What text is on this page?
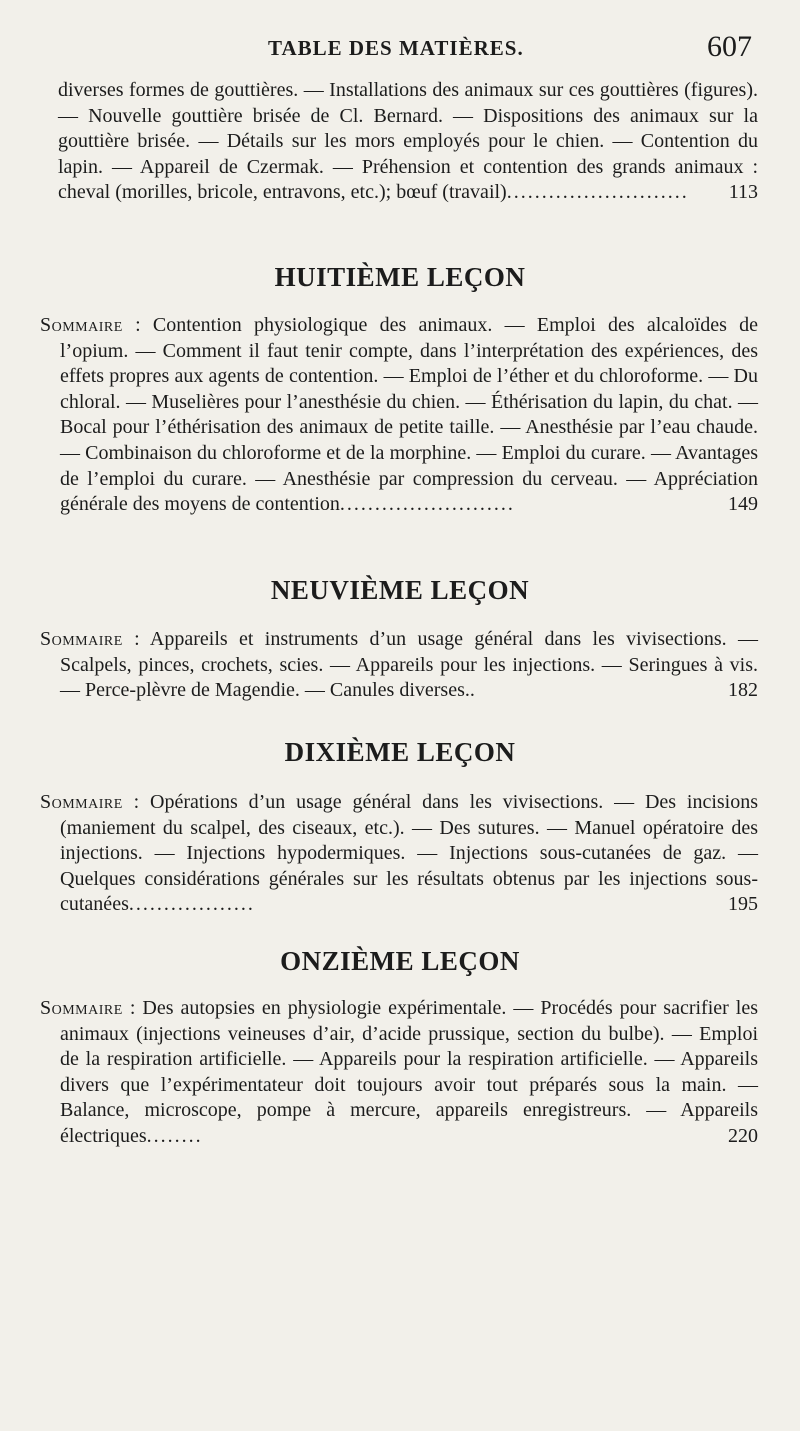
TABLE DES MATIÈRES.	607

diverses formes de gouttières. — Installations des animaux sur ces gouttières (figures). — Nouvelle gouttière brisée de Cl. Bernard. — Dispositions des animaux sur la gouttière brisée. — Détails sur les mors employés pour le chien. — Contention du lapin. — Appareil de Czermak. — Préhension et contention des grands animaux : cheval (morilles, bricole, entravons, etc.); bœuf (travail).......................... 113

HUITIÈME LEÇON

Sommaire : Contention physiologique des animaux. — Emploi des alcaloïdes de l’opium. — Comment il faut tenir compte, dans l’interprétation des expériences, des effets propres aux agents de contention. — Emploi de l’éther et du chloroforme. — Du chloral. — Muselières pour l’anesthésie du chien. — Éthérisation du lapin, du chat. — Bocal pour l’éthérisation des animaux de petite taille. — Anesthésie par l’eau chaude. — Combinaison du chloroforme et de la morphine. — Emploi du curare. — Avantages de l’emploi du curare. — Anesthésie par compression du cerveau. — Appréciation générale des moyens de contention.........................	149

NEUVIÈME LEÇON

Sommaire : Appareils et instruments d’un usage général dans les vivisections. — Scalpels, pinces, crochets, scies. — Appareils pour les injections. — Seringues à vis. — Perce-plèvre de Magendie. — Canules diverses..	182

DIXIÈME LEÇON

Sommaire : Opérations d’un usage général dans les vivisections. — Des incisions (maniement du scalpel, des ciseaux, etc.). — Des sutures. — Manuel opératoire des injections. — Injections hypodermiques. — Injections sous-cutanées de gaz. — Quelques considérations générales sur les résultats obtenus par les injections sous-cutanées..................	195

ONZIÈME LEÇON

Sommaire : Des autopsies en physiologie expérimentale. — Procédés pour sacrifier les animaux (injections veineuses d’air, d’acide prussique, section du bulbe). — Emploi de la respiration artificielle. — Appareils pour la respiration artificielle. — Appareils divers que l’expérimentateur doit toujours avoir tout préparés sous la main. — Balance, microscope, pompe à mercure, appareils enregistreurs. — Appareils électriques........	220
